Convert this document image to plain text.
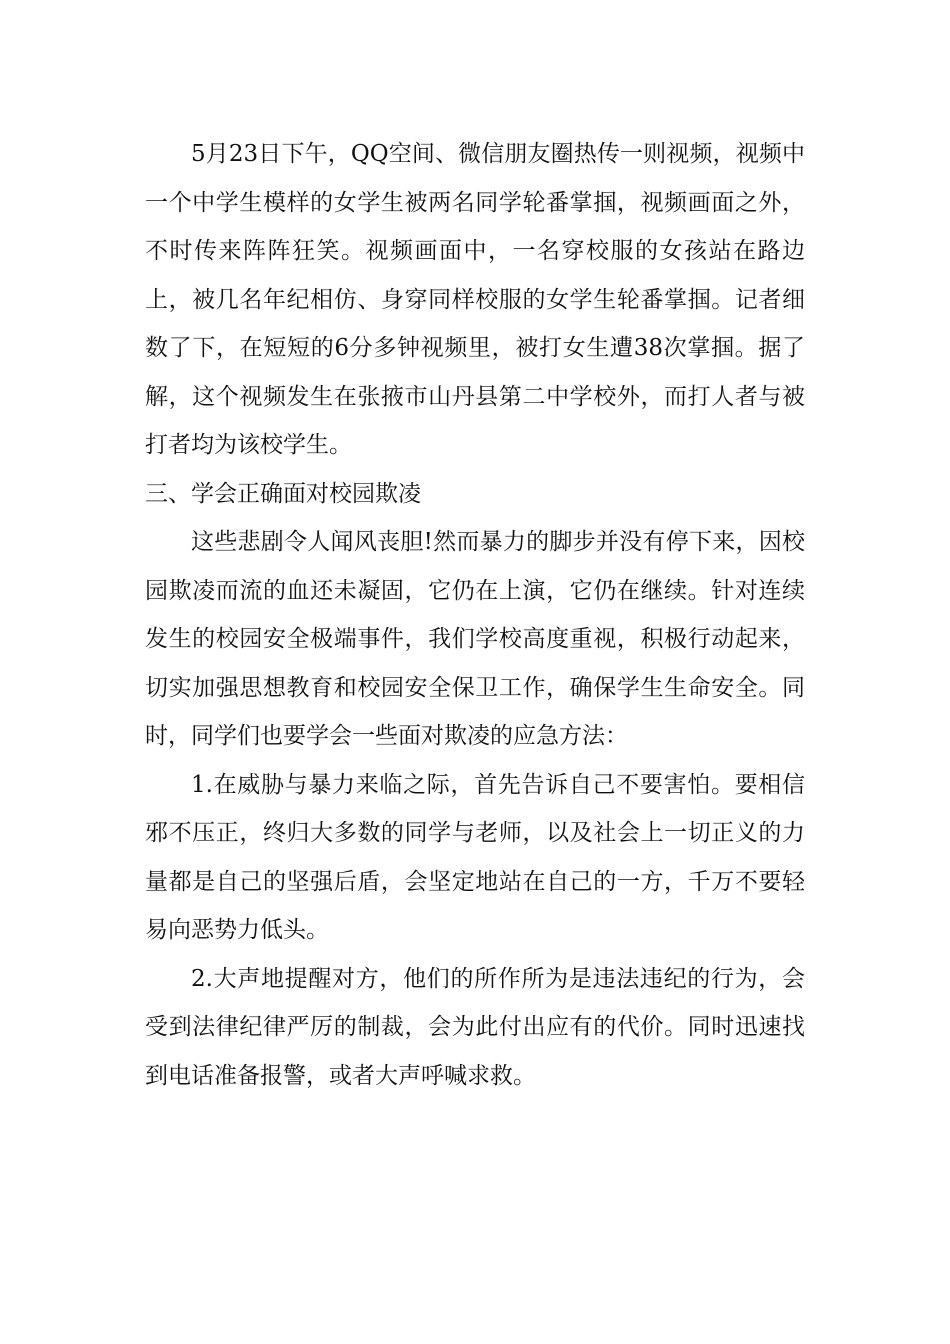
5月23日下午，QQ空间、微信朋友圈热传一则视频，视频中一个中学生模样的女学生被两名同学轮番掌掴，视频画面之外，不时传来阵阵狂笑。视频画面中，一名穿校服的女孩站在路边上，被几名年纪相仿、身穿同样校服的女学生轮番掌掴。记者细数了下，在短短的6分多钟视频里，被打女生遭38次掌掴。据了解，这个视频发生在张掖市山丹县第二中学校外，而打人者与被打者均为该校学生。

三、学会正确面对校园欺凌

这些悲剧令人闻风丧胆!然而暴力的脚步并没有停下来，因校园欺凌而流的血还未凝固，它仍在上演，它仍在继续。针对连续发生的校园安全极端事件，我们学校高度重视，积极行动起来，切实加强思想教育和校园安全保卫工作，确保学生生命安全。同时，同学们也要学会一些面对欺凌的应急方法：

1.在威胁与暴力来临之际，首先告诉自己不要害怕。要相信邪不压正，终归大多数的同学与老师，以及社会上一切正义的力量都是自己的坚强后盾，会坚定地站在自己的一方，千万不要轻易向恶势力低头。

2.大声地提醒对方，他们的所作所为是违法违纪的行为，会受到法律纪律严厉的制裁，会为此付出应有的代价。同时迅速找到电话准备报警，或者大声呼喊求救。
